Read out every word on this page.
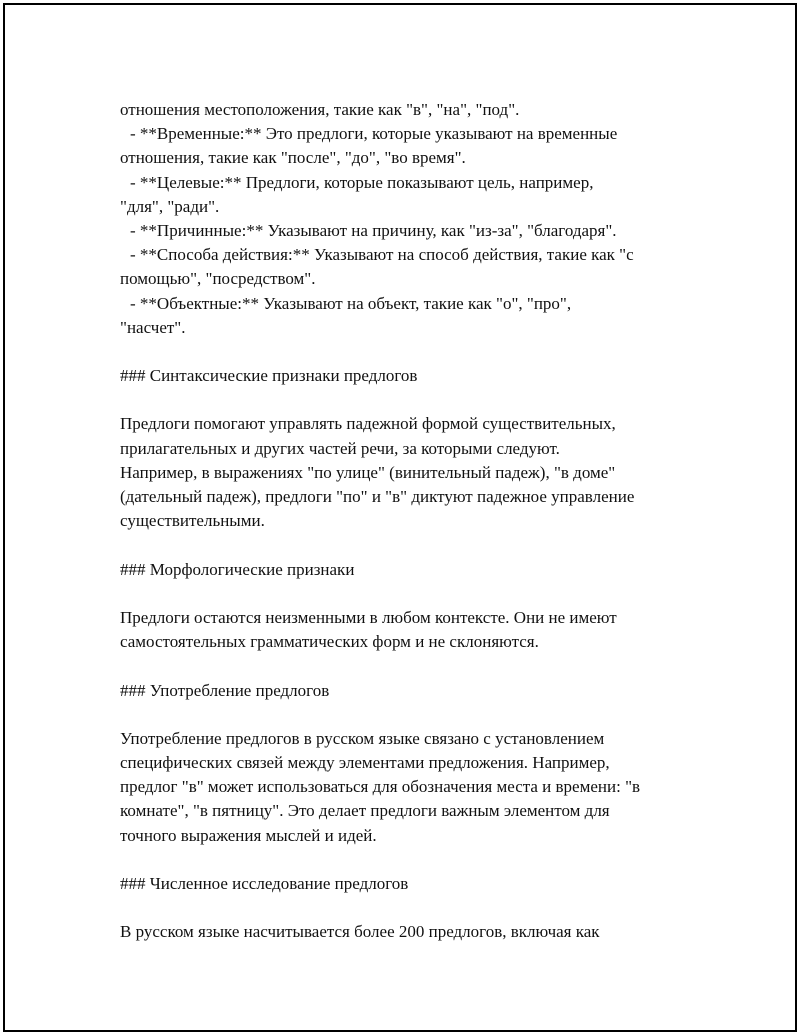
отношения местоположения, такие как "в", "на", "под".
- **Временные:** Это предлоги, которые указывают на временные
отношения, такие как "после", "до", "во время".
- **Целевые:** Предлоги, которые показывают цель, например,
"для", "ради".
- **Причинные:** Указывают на причину, как "из-за", "благодаря".
- **Способа действия:** Указывают на способ действия, такие как "с
помощью", "посредством".
- **Объектные:** Указывают на объект, такие как "о", "про",
"насчет".
### Синтаксические признаки предлогов
Предлоги помогают управлять падежной формой существительных,
прилагательных и других частей речи, за которыми следуют.
Например, в выражениях "по улице" (винительный падеж), "в доме"
(дательный падеж), предлоги "по" и "в" диктуют падежное управление
существительными.
### Морфологические признаки
Предлоги остаются неизменными в любом контексте. Они не имеют
самостоятельных грамматических форм и не склоняются.
### Употребление предлогов
Употребление предлогов в русском языке связано с установлением
специфических связей между элементами предложения. Например,
предлог "в" может использоваться для обозначения места и времени: "в
комнате", "в пятницу". Это делает предлоги важным элементом для
точного выражения мыслей и идей.
### Численное исследование предлогов
В русском языке насчитывается более 200 предлогов, включая как
